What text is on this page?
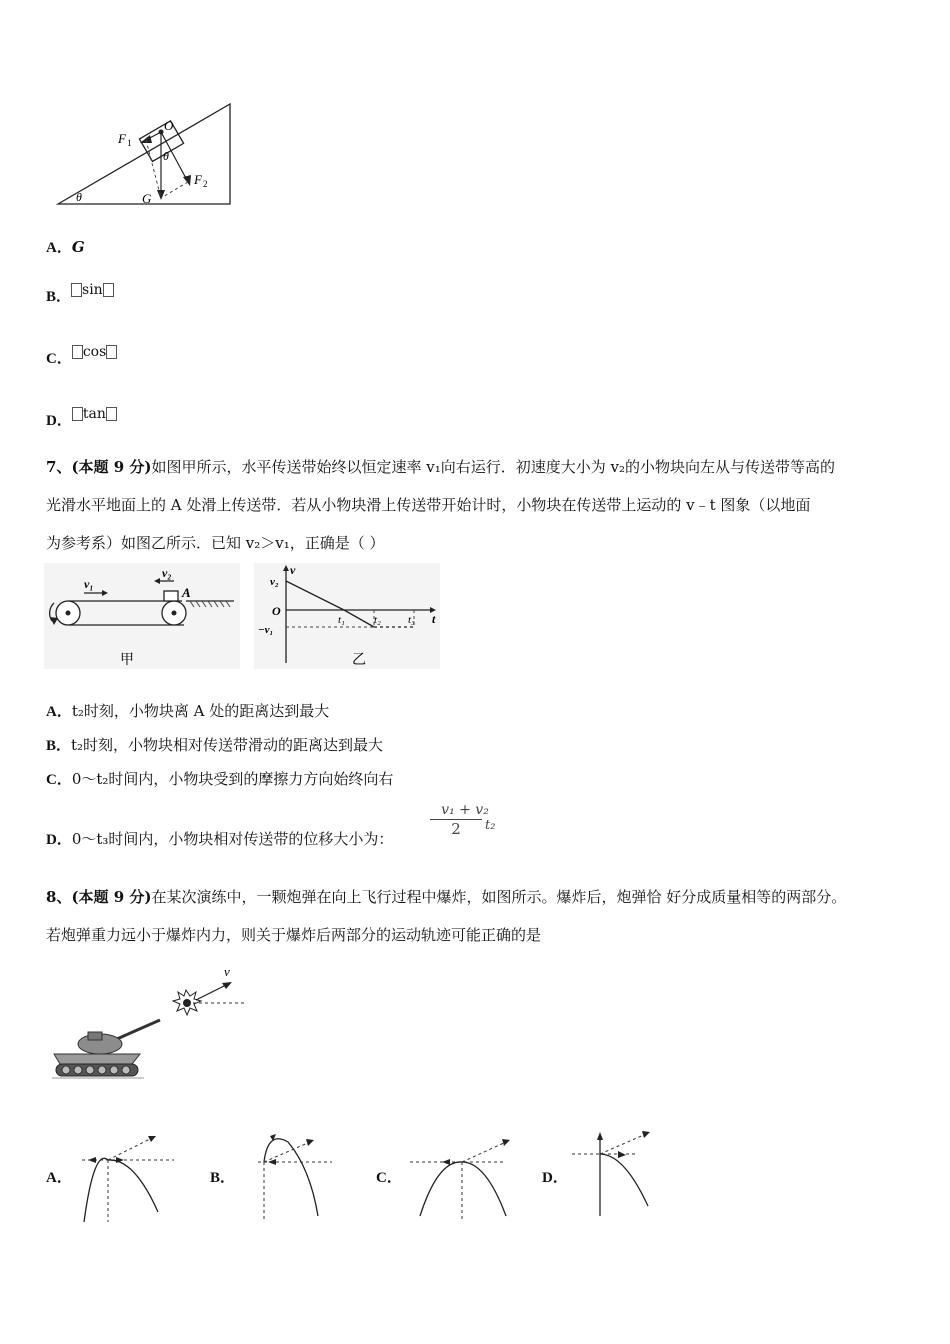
O
F 1
F 2
θ
θ	G
A．G
B． sin
C． cos
D． tan
7、(本题 9 分)如图甲所示，水平传送带始终以恒定速率 v₁向右运行．初速度大小为 v₂的小物块向左从与传送带等高的
光滑水平地面上的 A 处滑上传送带．若从小物块滑上传送带开始计时，小物块在传送带上运动的 v﹣t 图象（以地面
为参考系）如图乙所示．已知 v₂＞v₁，正确是（ ）
v₁
v₂
A
甲
v
v₂
O
−v₁
t₁	t₂ t₃ t
乙
A．t₂时刻，小物块离 A 处的距离达到最大
B．t₂时刻，小物块相对传送带滑动的距离达到最大
C．0～t₂时间内，小物块受到的摩擦力方向始终向右
D．0～t₃时间内，小物块相对传送带的位移大小为：
v₁ + v₂
2	t₂
8、(本题 9 分)在某次演练中，一颗炮弹在向上飞行过程中爆炸，如图所示。爆炸后，炮弹恰 好分成质量相等的两部分。
若炮弹重力远小于爆炸内力，则关于爆炸后两部分的运动轨迹可能正确的是
v
A．	B．	C．	D．
